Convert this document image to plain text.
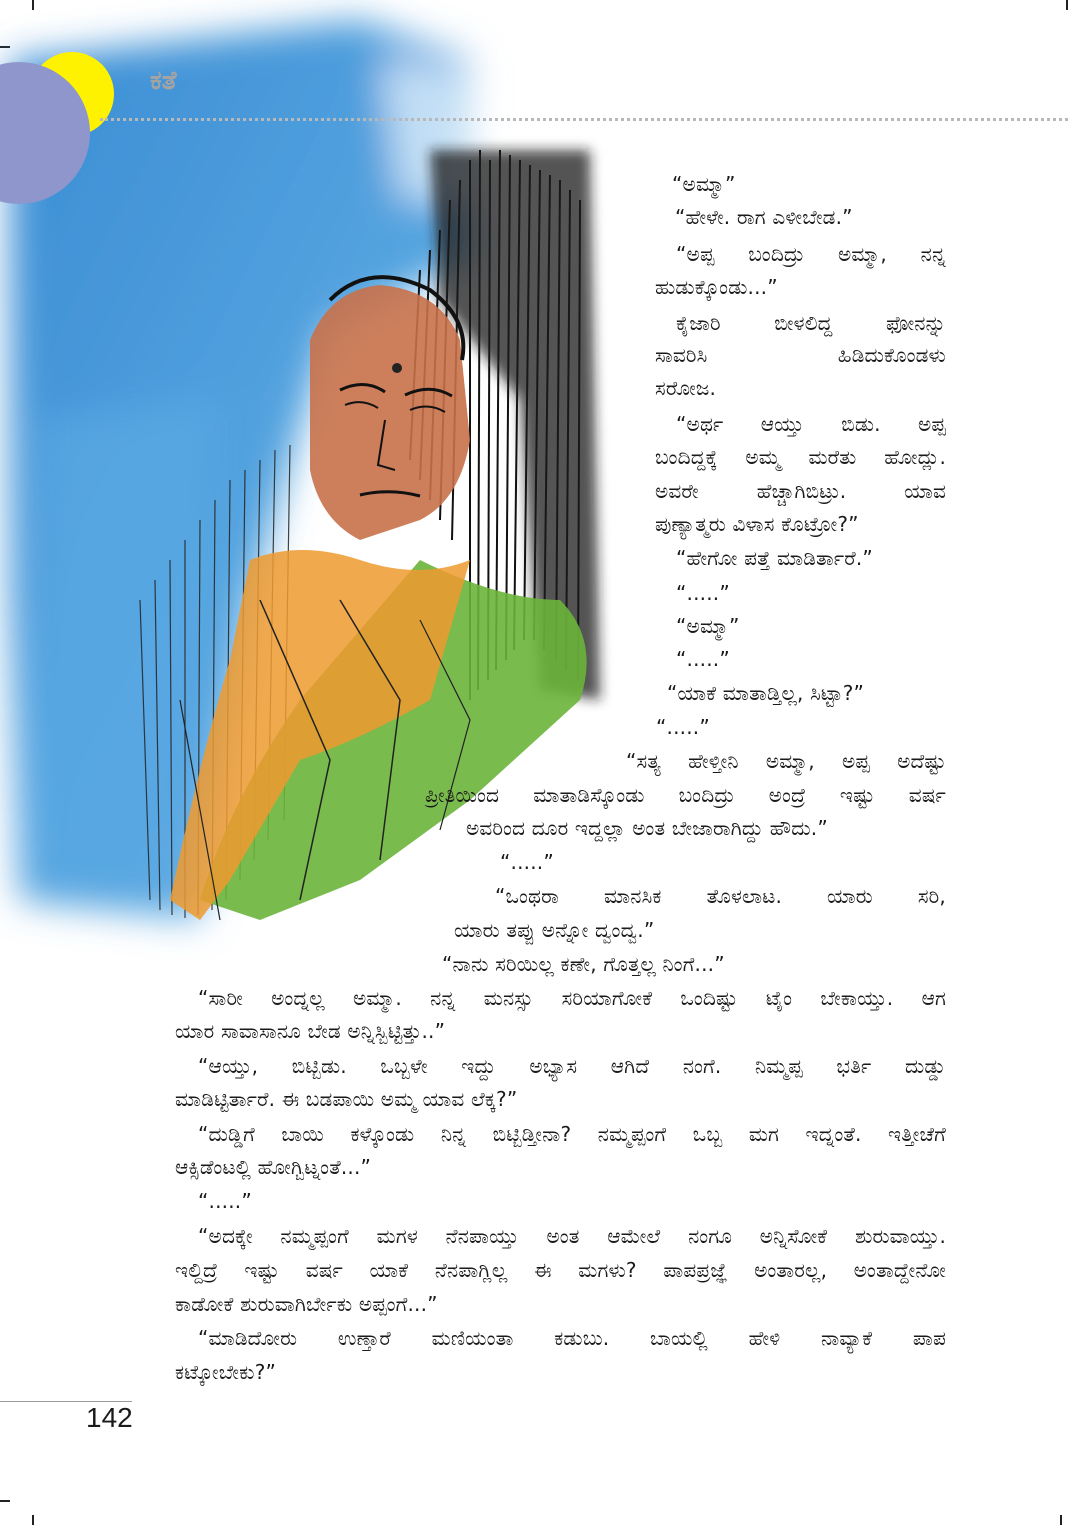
ಕತೆ
“ಅಮ್ಮಾ”
“ಹೇಳೇ. ರಾಗ ಎಳೀಬೇಡ.”
“ಅಪ್ಪ ಬಂದಿದ್ರು ಅಮ್ಮಾ, ನನ್ನ
ಹುಡುಕ್ಕೊಂಡು...”
ಕೈಜಾರಿ ಬೀಳಲಿದ್ದ ಫೋನನ್ನು
ಸಾವರಿಸಿ ಹಿಡಿದುಕೊಂಡಳು
ಸರೋಜ.
“ಅರ್ಥ ಆಯ್ತು ಬಿಡು. ಅಪ್ಪ
ಬಂದಿದ್ದಕ್ಕೆ ಅಮ್ಮ ಮರೆತು ಹೋದ್ಲು.
ಅವರೇ ಹೆಚ್ಚಾಗಿಬಿಟ್ರು. ಯಾವ
ಪುಣ್ಯಾತ್ಮರು ವಿಳಾಸ ಕೊಟ್ರೋ?”
“ಹೇಗೋ ಪತ್ತೆ ಮಾಡಿರ್ತಾರೆ.”
“.....”
“ಅಮ್ಮಾ”
“.....”
“ಯಾಕೆ ಮಾತಾಡ್ತಿಲ್ಲ, ಸಿಟ್ಟಾ?”
“.....”
“ಸತ್ಯ ಹೇಳ್ತೀನಿ ಅಮ್ಮಾ, ಅಪ್ಪ ಅದೆಷ್ಟು
ಪ್ರೀತಿಯಿಂದ ಮಾತಾಡಿಸ್ಕೊಂಡು ಬಂದಿದ್ರು ಅಂದ್ರೆ ಇಷ್ಟು ವರ್ಷ
ಅವರಿಂದ ದೂರ ಇದ್ದಲ್ಲಾ ಅಂತ ಬೇಜಾರಾಗಿದ್ದು ಹೌದು.”
“.....”
“ಒಂಥರಾ ಮಾನಸಿಕ ತೊಳಲಾಟ. ಯಾರು ಸರಿ,
ಯಾರು ತಪ್ಪು ಅನ್ನೋ ದ್ವಂದ್ವ.”
“ನಾನು ಸರಿಯಿಲ್ಲ ಕಣೇ, ಗೊತ್ತಲ್ಲ ನಿಂಗೆ...”
“ಸಾರೀ ಅಂದ್ನಲ್ಲ ಅಮ್ಮಾ. ನನ್ನ ಮನಸ್ಸು ಸರಿಯಾಗೋಕೆ ಒಂದಿಷ್ಟು ಟೈಂ ಬೇಕಾಯ್ತು. ಆಗ
ಯಾರ ಸಾವಾಸಾನೂ ಬೇಡ ಅನ್ನಿಸ್ಬಿಟ್ಟಿತ್ತು..”
“ಆಯ್ತು, ಬಿಟ್ಬಿಡು. ಒಬ್ಬಳೇ ಇದ್ದು ಅಭ್ಯಾಸ ಆಗಿದೆ ನಂಗೆ. ನಿಮ್ಮಪ್ಪ ಭರ್ತಿ ದುಡ್ಡು
ಮಾಡಿಟ್ಟಿರ್ತಾರೆ. ಈ ಬಡಪಾಯಿ ಅಮ್ಮ ಯಾವ ಲೆಕ್ಕ?”
“ದುಡ್ಡಿಗೆ ಬಾಯಿ ಕಳ್ಕೊಂಡು ನಿನ್ನ ಬಿಟ್ಬಿಡ್ತೀನಾ? ನಮ್ಮಪ್ಪಂಗೆ ಒಬ್ಬ ಮಗ ಇದ್ನಂತೆ. ಇತ್ತೀಚೆಗೆ
ಆಕ್ಸಿಡೆಂಟಲ್ಲಿ ಹೋಗ್ಬಿಟ್ನಂತೆ...”
“.....”
“ಅದಕ್ಕೇ ನಮ್ಮಪ್ಪಂಗೆ ಮಗಳ ನೆನಪಾಯ್ತು ಅಂತ ಆಮೇಲೆ ನಂಗೂ ಅನ್ನಿಸೋಕೆ ಶುರುವಾಯ್ತು.
ಇಲ್ದಿದ್ರೆ ಇಷ್ಟು ವರ್ಷ ಯಾಕೆ ನೆನಪಾಗ್ಲಿಲ್ಲ ಈ ಮಗಳು? ಪಾಪಪ್ರಜ್ಞೆ ಅಂತಾರಲ್ಲ, ಅಂತಾದ್ದೇನೋ
ಕಾಡೋಕೆ ಶುರುವಾಗಿರ್ಬೇಕು ಅಪ್ಪಂಗೆ...”
“ಮಾಡಿದೋರು ಉಣ್ತಾರೆ ಮಣಿಯಂತಾ ಕಡುಬು. ಬಾಯಲ್ಲಿ ಹೇಳಿ ನಾವ್ಯಾಕೆ ಪಾಪ
ಕಟ್ಕೋಬೇಕು?”
142
